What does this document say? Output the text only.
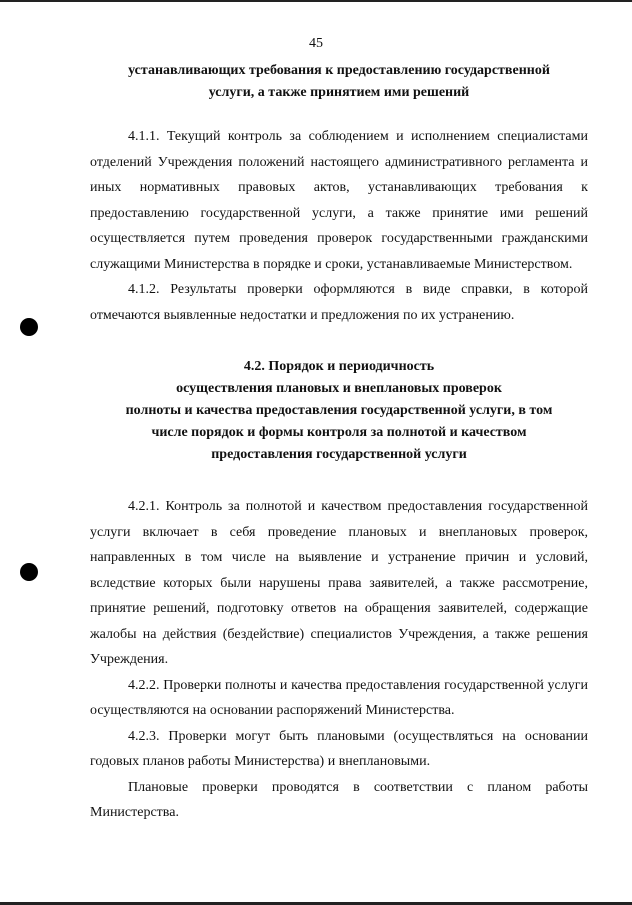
45

устанавливающих требования к предоставлению государственной

услуги, а также принятием ими решений

4.1.1. Текущий контроль за соблюдением и исполнением специалистами отделений Учреждения положений настоящего административного регламента и иных нормативных правовых актов, устанавливающих требования к предоставлению государственной услуги, а также принятие ими решений осуществляется путем проведения проверок государственными гражданскими служащими Министерства в порядке и сроки, устанавливаемые Министерством.

4.1.2. Результаты проверки оформляются в виде справки, в которой отмечаются выявленные недостатки и предложения по их устранению.

4.2. Порядок и периодичность

осуществления плановых и внеплановых проверок

полноты и качества предоставления государственной услуги, в том

числе порядок и формы контроля за полнотой и качеством

предоставления государственной услуги

4.2.1. Контроль за полнотой и качеством предоставления государственной услуги включает в себя проведение плановых и внеплановых проверок, направленных в том числе на выявление и устранение причин и условий, вследствие которых были нарушены права заявителей, а также рассмотрение, принятие решений, подготовку ответов на обращения заявителей, содержащие жалобы на действия (бездействие) специалистов Учреждения, а также решения Учреждения.

4.2.2. Проверки полноты и качества предоставления государственной услуги осуществляются на основании распоряжений Министерства.

4.2.3. Проверки могут быть плановыми (осуществляться на основании годовых планов работы Министерства) и внеплановыми.

Плановые проверки проводятся в соответствии с планом работы Министерства.
